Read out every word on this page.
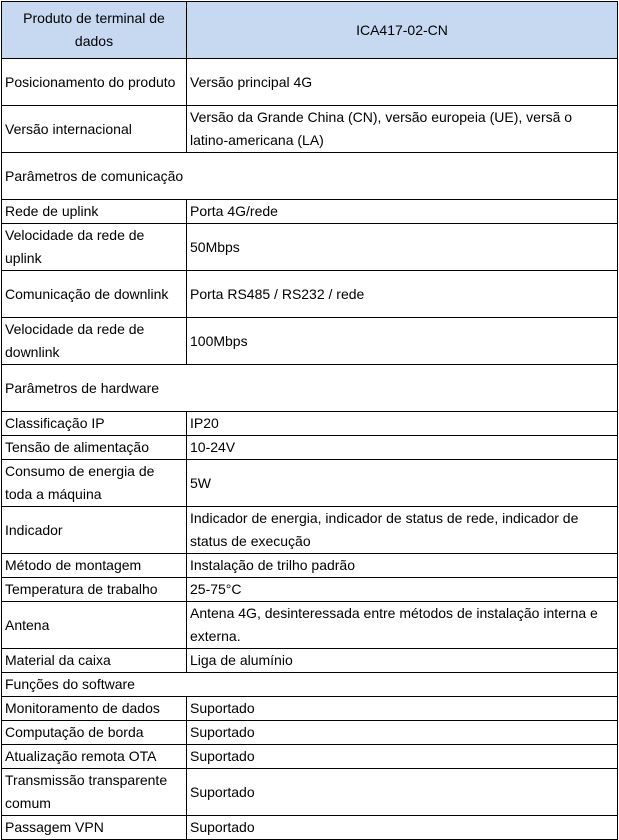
Produto de terminal de dados	ICA417-02-CN
Posicionamento do produto	Versão principal 4G
Versão internacional	Versão da Grande China (CN), versão europeia (UE), versã o latino-americana (LA)
Parâmetros de comunicação	
Rede de uplink	Porta 4G/rede
Velocidade da rede de uplink	50Mbps
Comunicação de downlink	Porta RS485 / RS232 / rede
Velocidade da rede de downlink	100Mbps
Parâmetros de hardware	
Classificação IP	IP20
Tensão de alimentação	10-24V
Consumo de energia de toda a máquina	5W
Indicador	Indicador de energia, indicador de status de rede, indicador de status de execução
Método de montagem	Instalação de trilho padrão
Temperatura de trabalho	25-75°C
Antena	Antena 4G, desinteressada entre métodos de instalação interna e externa.
Material da caixa	Liga de alumínio
Funções do software	
Monitoramento de dados	Suportado
Computação de borda	Suportado
Atualização remota OTA	Suportado
Transmissão transparente comum	Suportado
Passagem VPN	Suportado
